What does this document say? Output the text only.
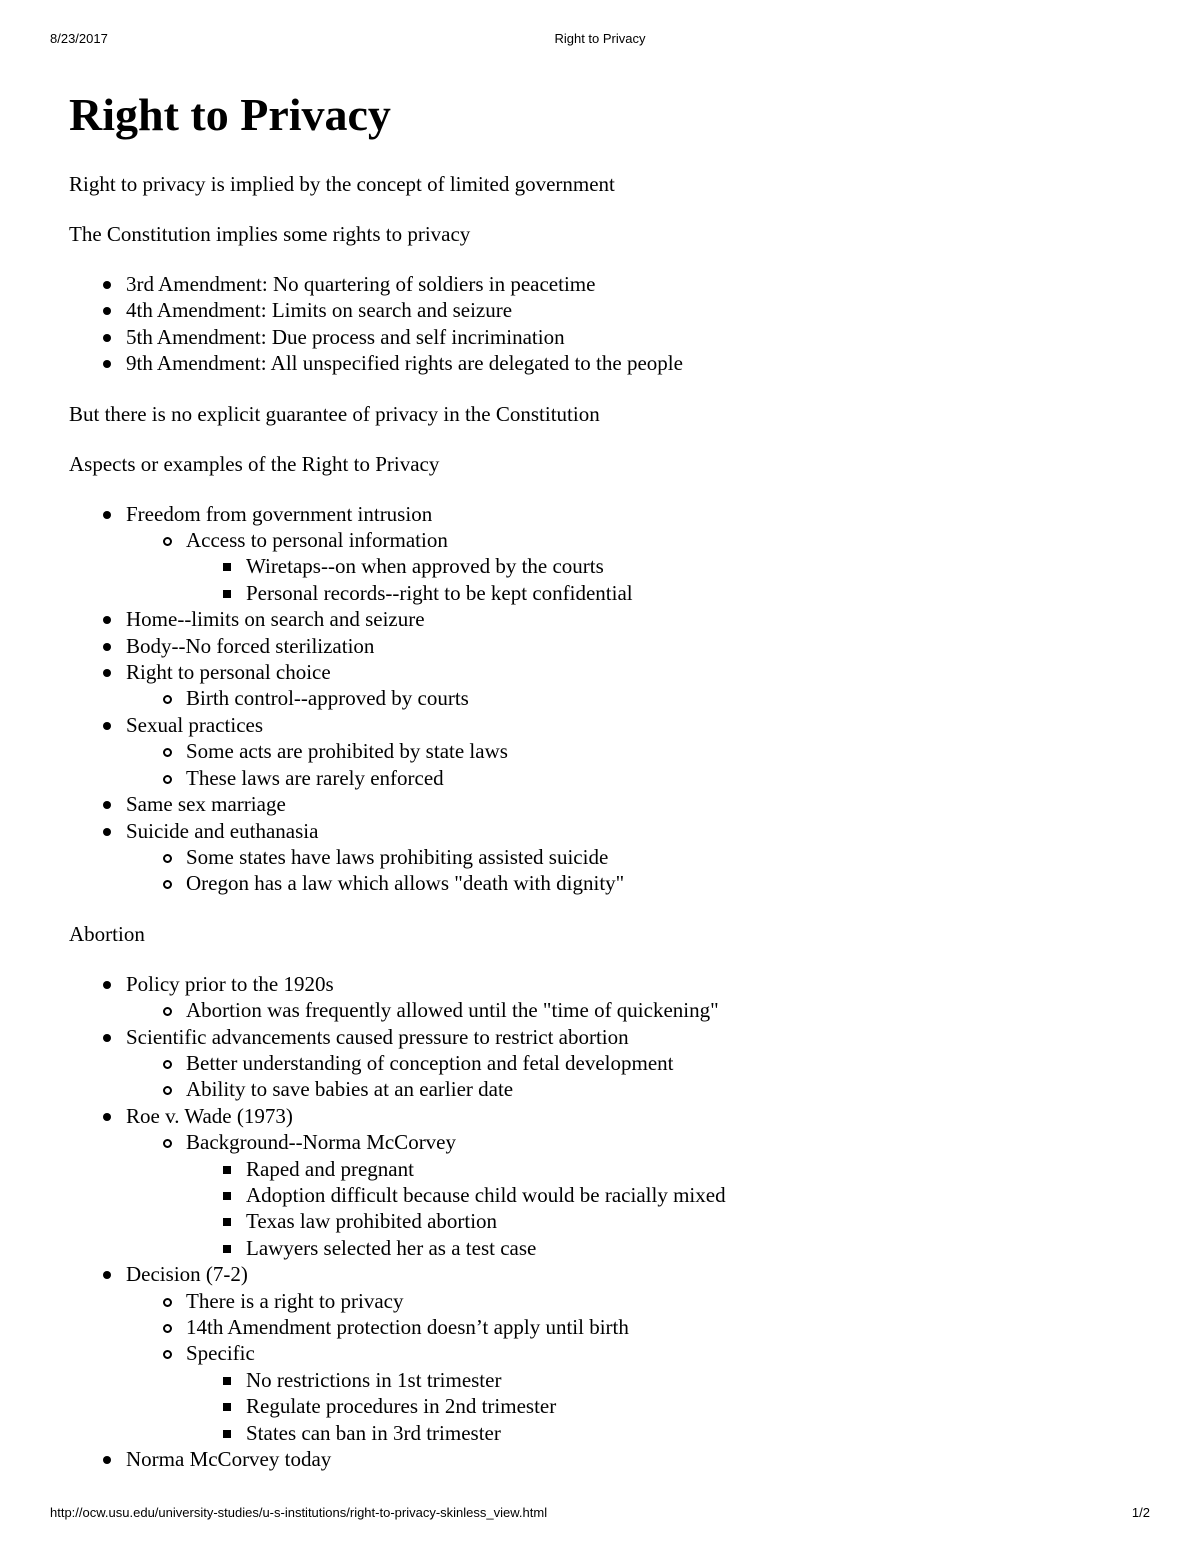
8/23/2017	Right to Privacy
Right to Privacy

Right to privacy is implied by the concept of limited government

The Constitution implies some rights to privacy

3rd Amendment: No quartering of soldiers in peacetime
4th Amendment: Limits on search and seizure
5th Amendment: Due process and self incrimination
9th Amendment: All unspecified rights are delegated to the people

But there is no explicit guarantee of privacy in the Constitution

Aspects or examples of the Right to Privacy

Freedom from government intrusion
Access to personal information
Wiretaps--on when approved by the courts
Personal records--right to be kept confidential
Home--limits on search and seizure
Body--No forced sterilization
Right to personal choice
Birth control--approved by courts
Sexual practices
Some acts are prohibited by state laws
These laws are rarely enforced
Same sex marriage
Suicide and euthanasia
Some states have laws prohibiting assisted suicide
Oregon has a law which allows "death with dignity"

Abortion

Policy prior to the 1920s
Abortion was frequently allowed until the "time of quickening"
Scientific advancements caused pressure to restrict abortion
Better understanding of conception and fetal development
Ability to save babies at an earlier date
Roe v. Wade (1973)
Background--Norma McCorvey
Raped and pregnant
Adoption difficult because child would be racially mixed
Texas law prohibited abortion
Lawyers selected her as a test case
Decision (7-2)
There is a right to privacy
14th Amendment protection doesn’t apply until birth
Specific
No restrictions in 1st trimester
Regulate procedures in 2nd trimester
States can ban in 3rd trimester
Norma McCorvey today
http://ocw.usu.edu/university-studies/u-s-institutions/right-to-privacy-skinless_view.html	1/2
